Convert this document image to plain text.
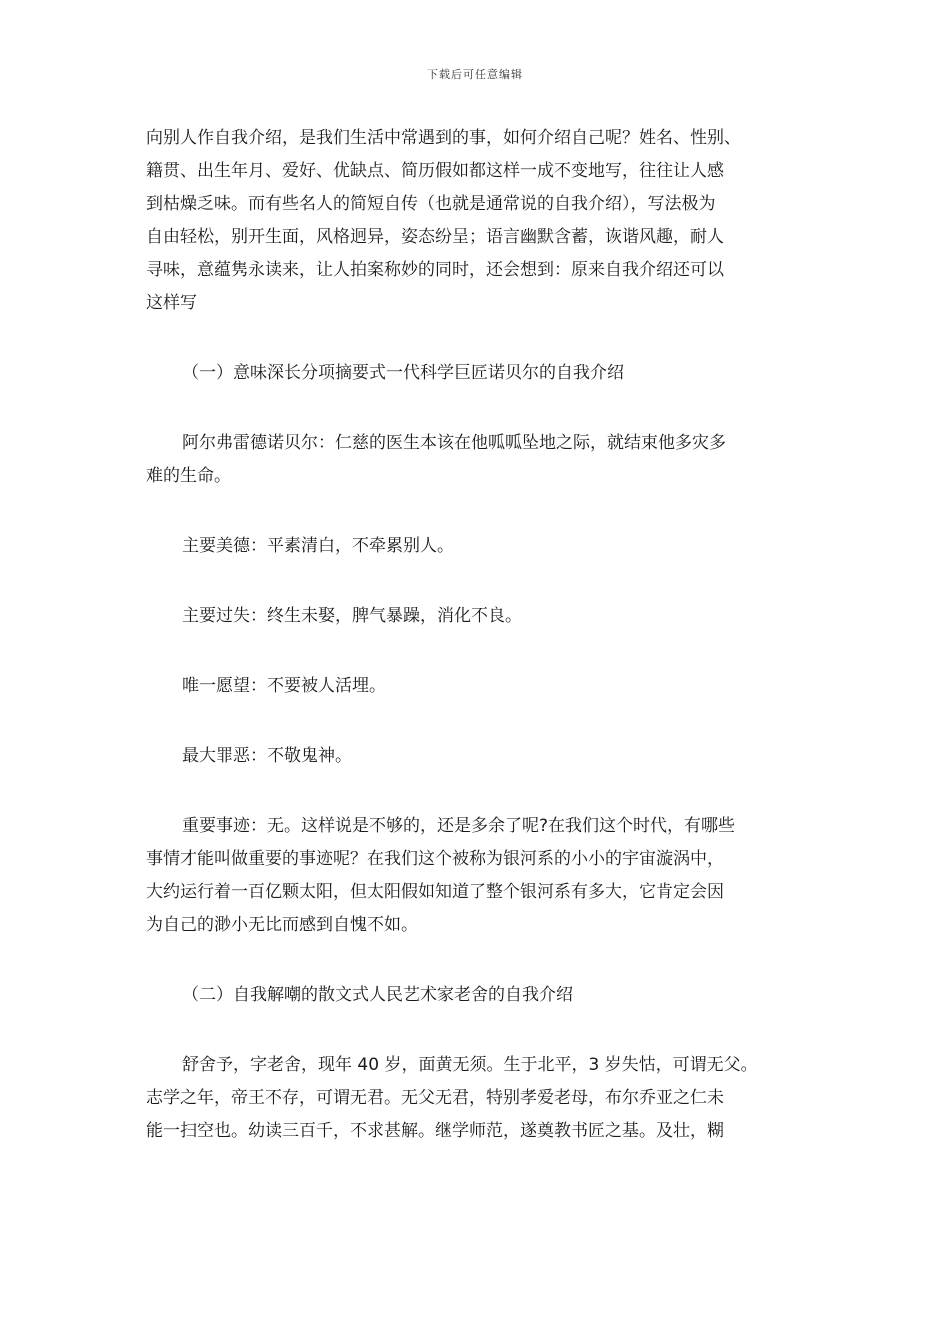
下载后可任意编辑
向别人作自我介绍，是我们生活中常遇到的事，如何介绍自己呢？姓名、性别、
籍贯、出生年月、爱好、优缺点、简历假如都这样一成不变地写，往往让人感
到枯燥乏味。而有些名人的简短自传（也就是通常说的自我介绍），写法极为
自由轻松，别开生面，风格迥异，姿态纷呈；语言幽默含蓄，诙谐风趣，耐人
寻味，意蕴隽永读来，让人拍案称妙的同时，还会想到：原来自我介绍还可以
这样写
（一）意味深长分项摘要式一代科学巨匠诺贝尔的自我介绍
阿尔弗雷德诺贝尔：仁慈的医生本该在他呱呱坠地之际，就结束他多灾多
难的生命。
主要美德：平素清白，不牵累别人。
主要过失：终生未娶，脾气暴躁，消化不良。
唯一愿望：不要被人活埋。
最大罪恶：不敬鬼神。
重要事迹：无。这样说是不够的，还是多余了呢?在我们这个时代，有哪些
事情才能叫做重要的事迹呢？在我们这个被称为银河系的小小的宇宙漩涡中，
大约运行着一百亿颗太阳，但太阳假如知道了整个银河系有多大，它肯定会因
为自己的渺小无比而感到自愧不如。
（二）自我解嘲的散文式人民艺术家老舍的自我介绍
舒舍予，字老舍，现年 40 岁，面黄无须。生于北平，3 岁失怙，可谓无父。
志学之年，帝王不存，可谓无君。无父无君，特别孝爱老母，布尔乔亚之仁未
能一扫空也。幼读三百千，不求甚解。继学师范，遂奠教书匠之基。及壮，糊
